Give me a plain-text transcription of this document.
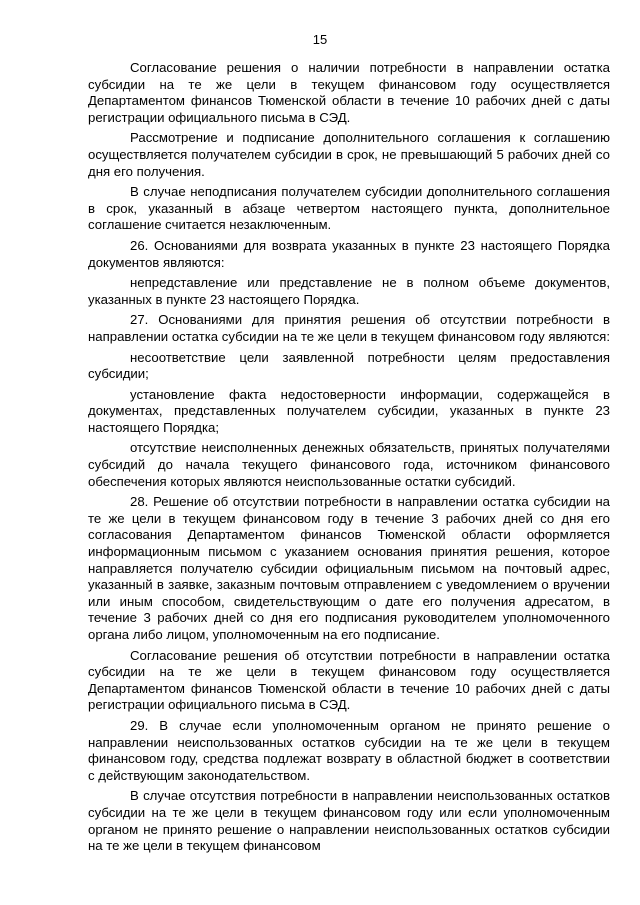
15

Согласование решения о наличии потребности в направлении остатка субсидии на те же цели в текущем финансовом году осуществляется Департаментом финансов Тюменской области в течение 10 рабочих дней с даты регистрации официального письма в СЭД.

Рассмотрение и подписание дополнительного соглашения к соглашению осуществляется получателем субсидии в срок, не превышающий 5 рабочих дней со дня его получения.

В случае неподписания получателем субсидии дополнительного соглашения в срок, указанный в абзаце четвертом настоящего пункта, дополнительное соглашение считается незаключенным.

26. Основаниями для возврата указанных в пункте 23 настоящего Порядка документов являются:

непредставление или представление не в полном объеме документов, указанных в пункте 23 настоящего Порядка.

27. Основаниями для принятия решения об отсутствии потребности в направлении остатка субсидии на те же цели в текущем финансовом году являются:

несоответствие цели заявленной потребности целям предоставления субсидии;

установление факта недостоверности информации, содержащейся в документах, представленных получателем субсидии, указанных в пункте 23 настоящего Порядка;

отсутствие неисполненных денежных обязательств, принятых получателями субсидий до начала текущего финансового года, источником финансового обеспечения которых являются неиспользованные остатки субсидий.

28. Решение об отсутствии потребности в направлении остатка субсидии на те же цели в текущем финансовом году в течение 3 рабочих дней со дня его согласования Департаментом финансов Тюменской области оформляется информационным письмом с указанием основания принятия решения, которое направляется получателю субсидии официальным письмом на почтовый адрес, указанный в заявке, заказным почтовым отправлением с уведомлением о вручении или иным способом, свидетельствующим о дате его получения адресатом, в течение 3 рабочих дней со дня его подписания руководителем уполномоченного органа либо лицом, уполномоченным на его подписание.

Согласование решения об отсутствии потребности в направлении остатка субсидии на те же цели в текущем финансовом году осуществляется Департаментом финансов Тюменской области в течение 10 рабочих дней с даты регистрации официального письма в СЭД.

29. В случае если уполномоченным органом не принято решение о направлении неиспользованных остатков субсидии на те же цели в текущем финансовом году, средства подлежат возврату в областной бюджет в соответствии с действующим законодательством.

В случае отсутствия потребности в направлении неиспользованных остатков субсидии на те же цели в текущем финансовом году или если уполномоченным органом не принято решение о направлении неиспользованных остатков субсидии на те же цели в текущем финансовом
